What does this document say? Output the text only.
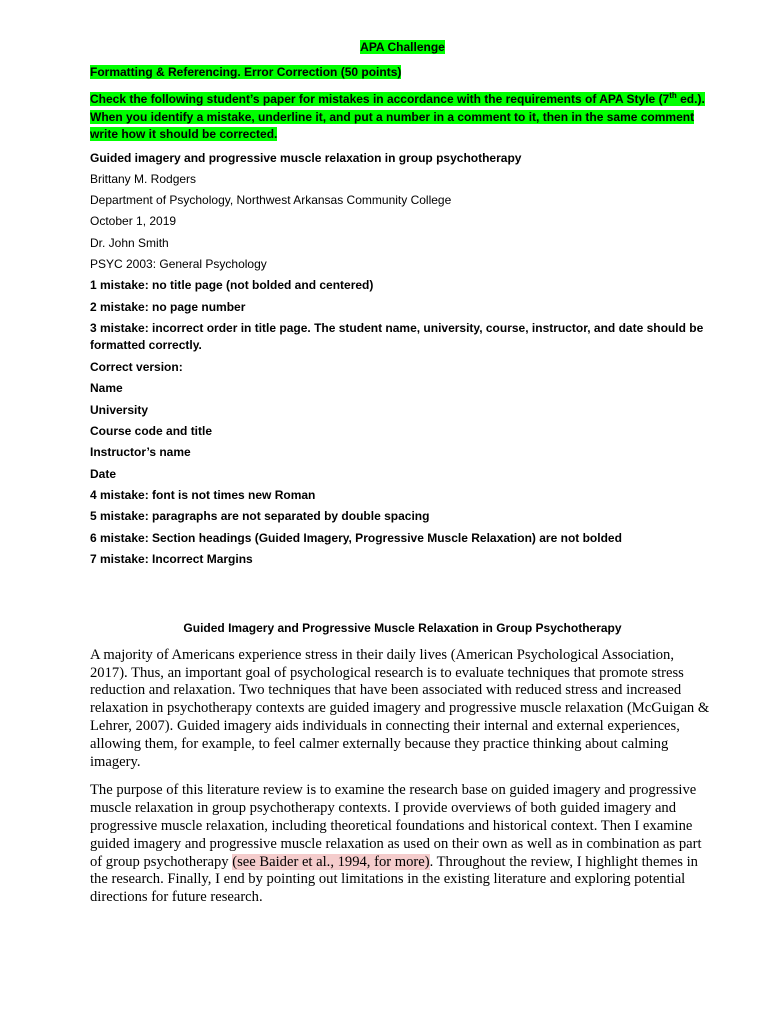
APA Challenge
Formatting & Referencing. Error Correction (50 points)
Check the following student’s paper for mistakes in accordance with the requirements of APA Style (7th ed.). When you identify a mistake, underline it, and put a number in a comment to it, then in the same comment write how it should be corrected.
Guided imagery and progressive muscle relaxation in group psychotherapy
Brittany M. Rodgers
Department of Psychology, Northwest Arkansas Community College
October 1, 2019
Dr. John Smith
PSYC 2003: General Psychology
1 mistake: no title page (not bolded and centered)
2 mistake: no page number
3 mistake: incorrect order in title page. The student name, university, course, instructor, and date should be formatted correctly.
Correct version:
Name
University
Course code and title
Instructor’s name
Date
4 mistake: font is not times new Roman
5 mistake: paragraphs are not separated by double spacing
6 mistake: Section headings (Guided Imagery, Progressive Muscle Relaxation) are not bolded
7 mistake: Incorrect Margins
Guided Imagery and Progressive Muscle Relaxation in Group Psychotherapy

A majority of Americans experience stress in their daily lives (American Psychological Association, 2017). Thus, an important goal of psychological research is to evaluate techniques that promote stress reduction and relaxation. Two techniques that have been associated with reduced stress and increased relaxation in psychotherapy contexts are guided imagery and progressive muscle relaxation (McGuigan & Lehrer, 2007). Guided imagery aids individuals in connecting their internal and external experiences, allowing them, for example, to feel calmer externally because they practice thinking about calming imagery.

The purpose of this literature review is to examine the research base on guided imagery and progressive muscle relaxation in group psychotherapy contexts. I provide overviews of both guided imagery and progressive muscle relaxation, including theoretical foundations and historical context. Then I examine guided imagery and progressive muscle relaxation as used on their own as well as in combination as part of group psychotherapy (see Baider et al., 1994, for more). Throughout the review, I highlight themes in the research. Finally, I end by pointing out limitations in the existing literature and exploring potential directions for future research.
